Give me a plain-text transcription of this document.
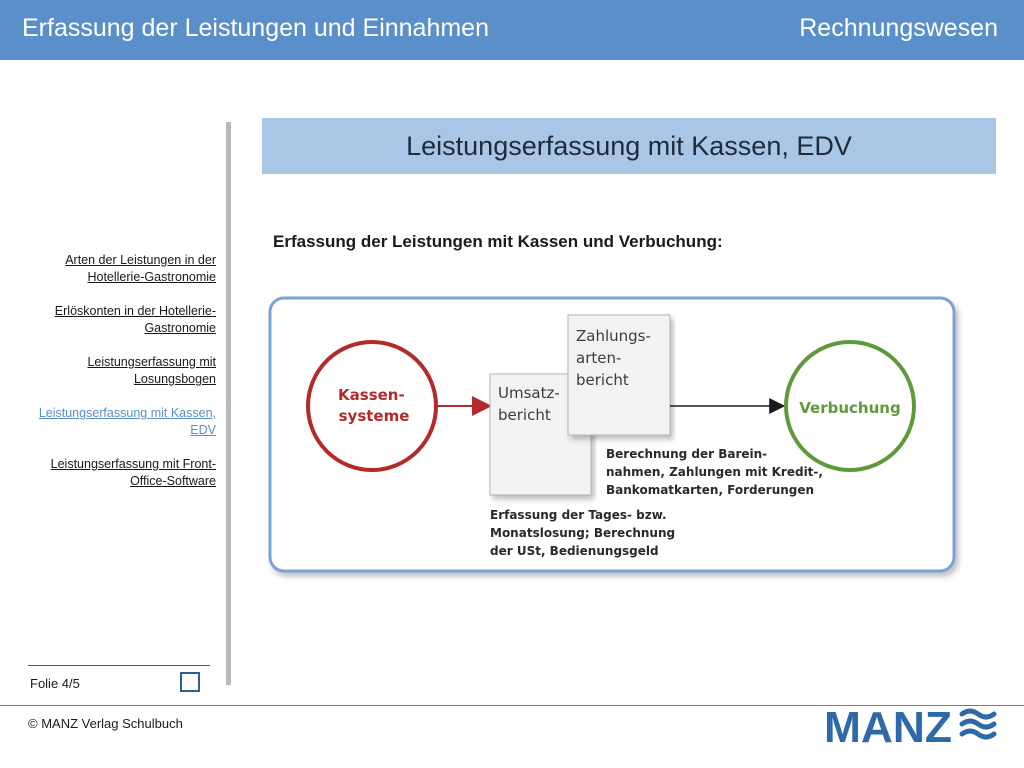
Erfassung der Leistungen und Einnahmen	Rechnungswesen
Arten der Leistungen in der Hotellerie-Gastronomie
Erlöskonten in der Hotellerie-Gastronomie
Leistungserfassung mit Losungsbogen
Leistungserfassung mit Kassen, EDV
Leistungserfassung mit Front-Office-Software
Folie 4/5
© MANZ Verlag Schulbuch	MANZ
Leistungserfassung mit Kassen, EDV
Erfassung der Leistungen mit Kassen und Verbuchung:
Kassen- systeme
Umsatz- bericht
Zahlungs- arten- bericht
Verbuchung
Berechnung der Barein- nahmen, Zahlungen mit Kredit-, Bankomatkarten, Forderungen
Erfassung der Tages- bzw. Monatslosung; Berechnung der USt, Bedienungsgeld
